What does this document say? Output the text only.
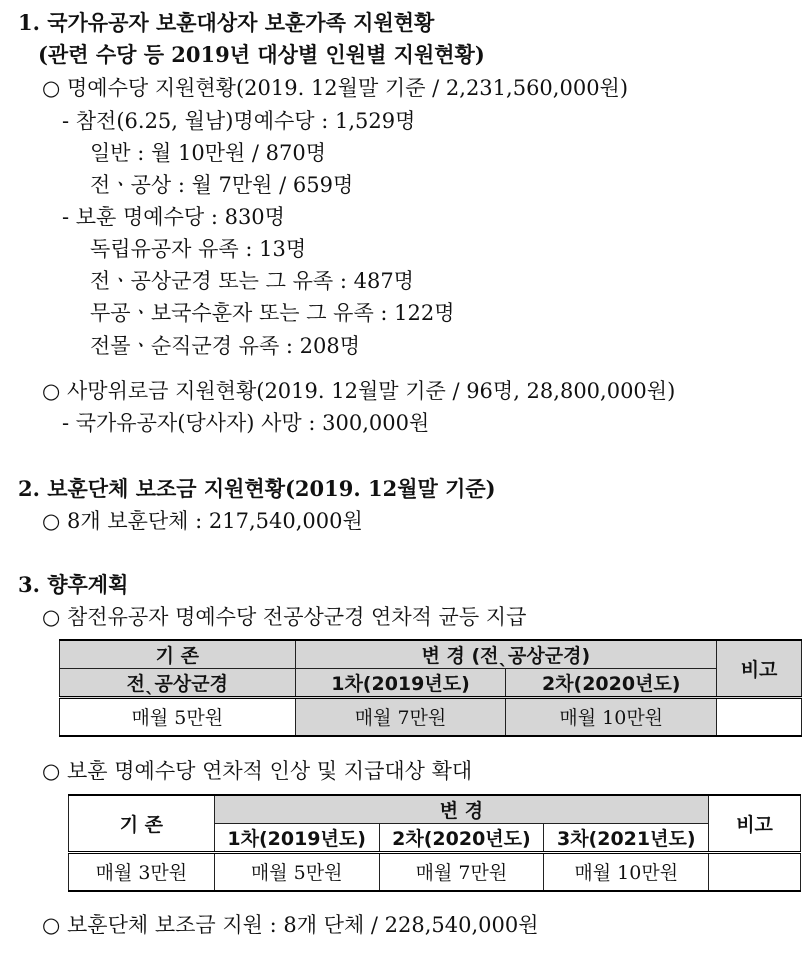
1. 국가유공자 보훈대상자 보훈가족 지원현황
(관련 수당 등 2019년 대상별 인원별 지원현황)
○ 명예수당 지원현황(2019. 12월말 기준 / 2,231,560,000원)
- 참전(6.25, 월남)명예수당 : 1,529명
일반 : 월 10만원 / 870명
전ㆍ공상 : 월 7만원 / 659명
- 보훈 명예수당 : 830명
독립유공자 유족 : 13명
전ㆍ공상군경 또는 그 유족 : 487명
무공ㆍ보국수훈자 또는 그 유족 : 122명
전몰ㆍ순직군경 유족 : 208명
○ 사망위로금 지원현황(2019. 12월말 기준 / 96명, 28,800,000원)
- 국가유공자(당사자) 사망 : 300,000원
2. 보훈단체 보조금 지원현황(2019. 12월말 기준)
○ 8개 보훈단체 : 217,540,000원
3. 향후계획
○ 참전유공자 명예수당 전공상군경 연차적 균등 지급
기 존	변 경 (전ˎ공상군경)		비고
전ˎ공상군경	1차(2019년도)	2차(2020년도)	
매월 5만원	매월 7만원	매월 10만원	
○ 보훈 명예수당 연차적 인상 및 지급대상 확대
기 존	변 경			비고
	1차(2019년도)	2차(2020년도)	3차(2021년도)	
매월 3만원	매월 5만원	매월 7만원	매월 10만원	
○ 보훈단체 보조금 지원 : 8개 단체 / 228,540,000원
